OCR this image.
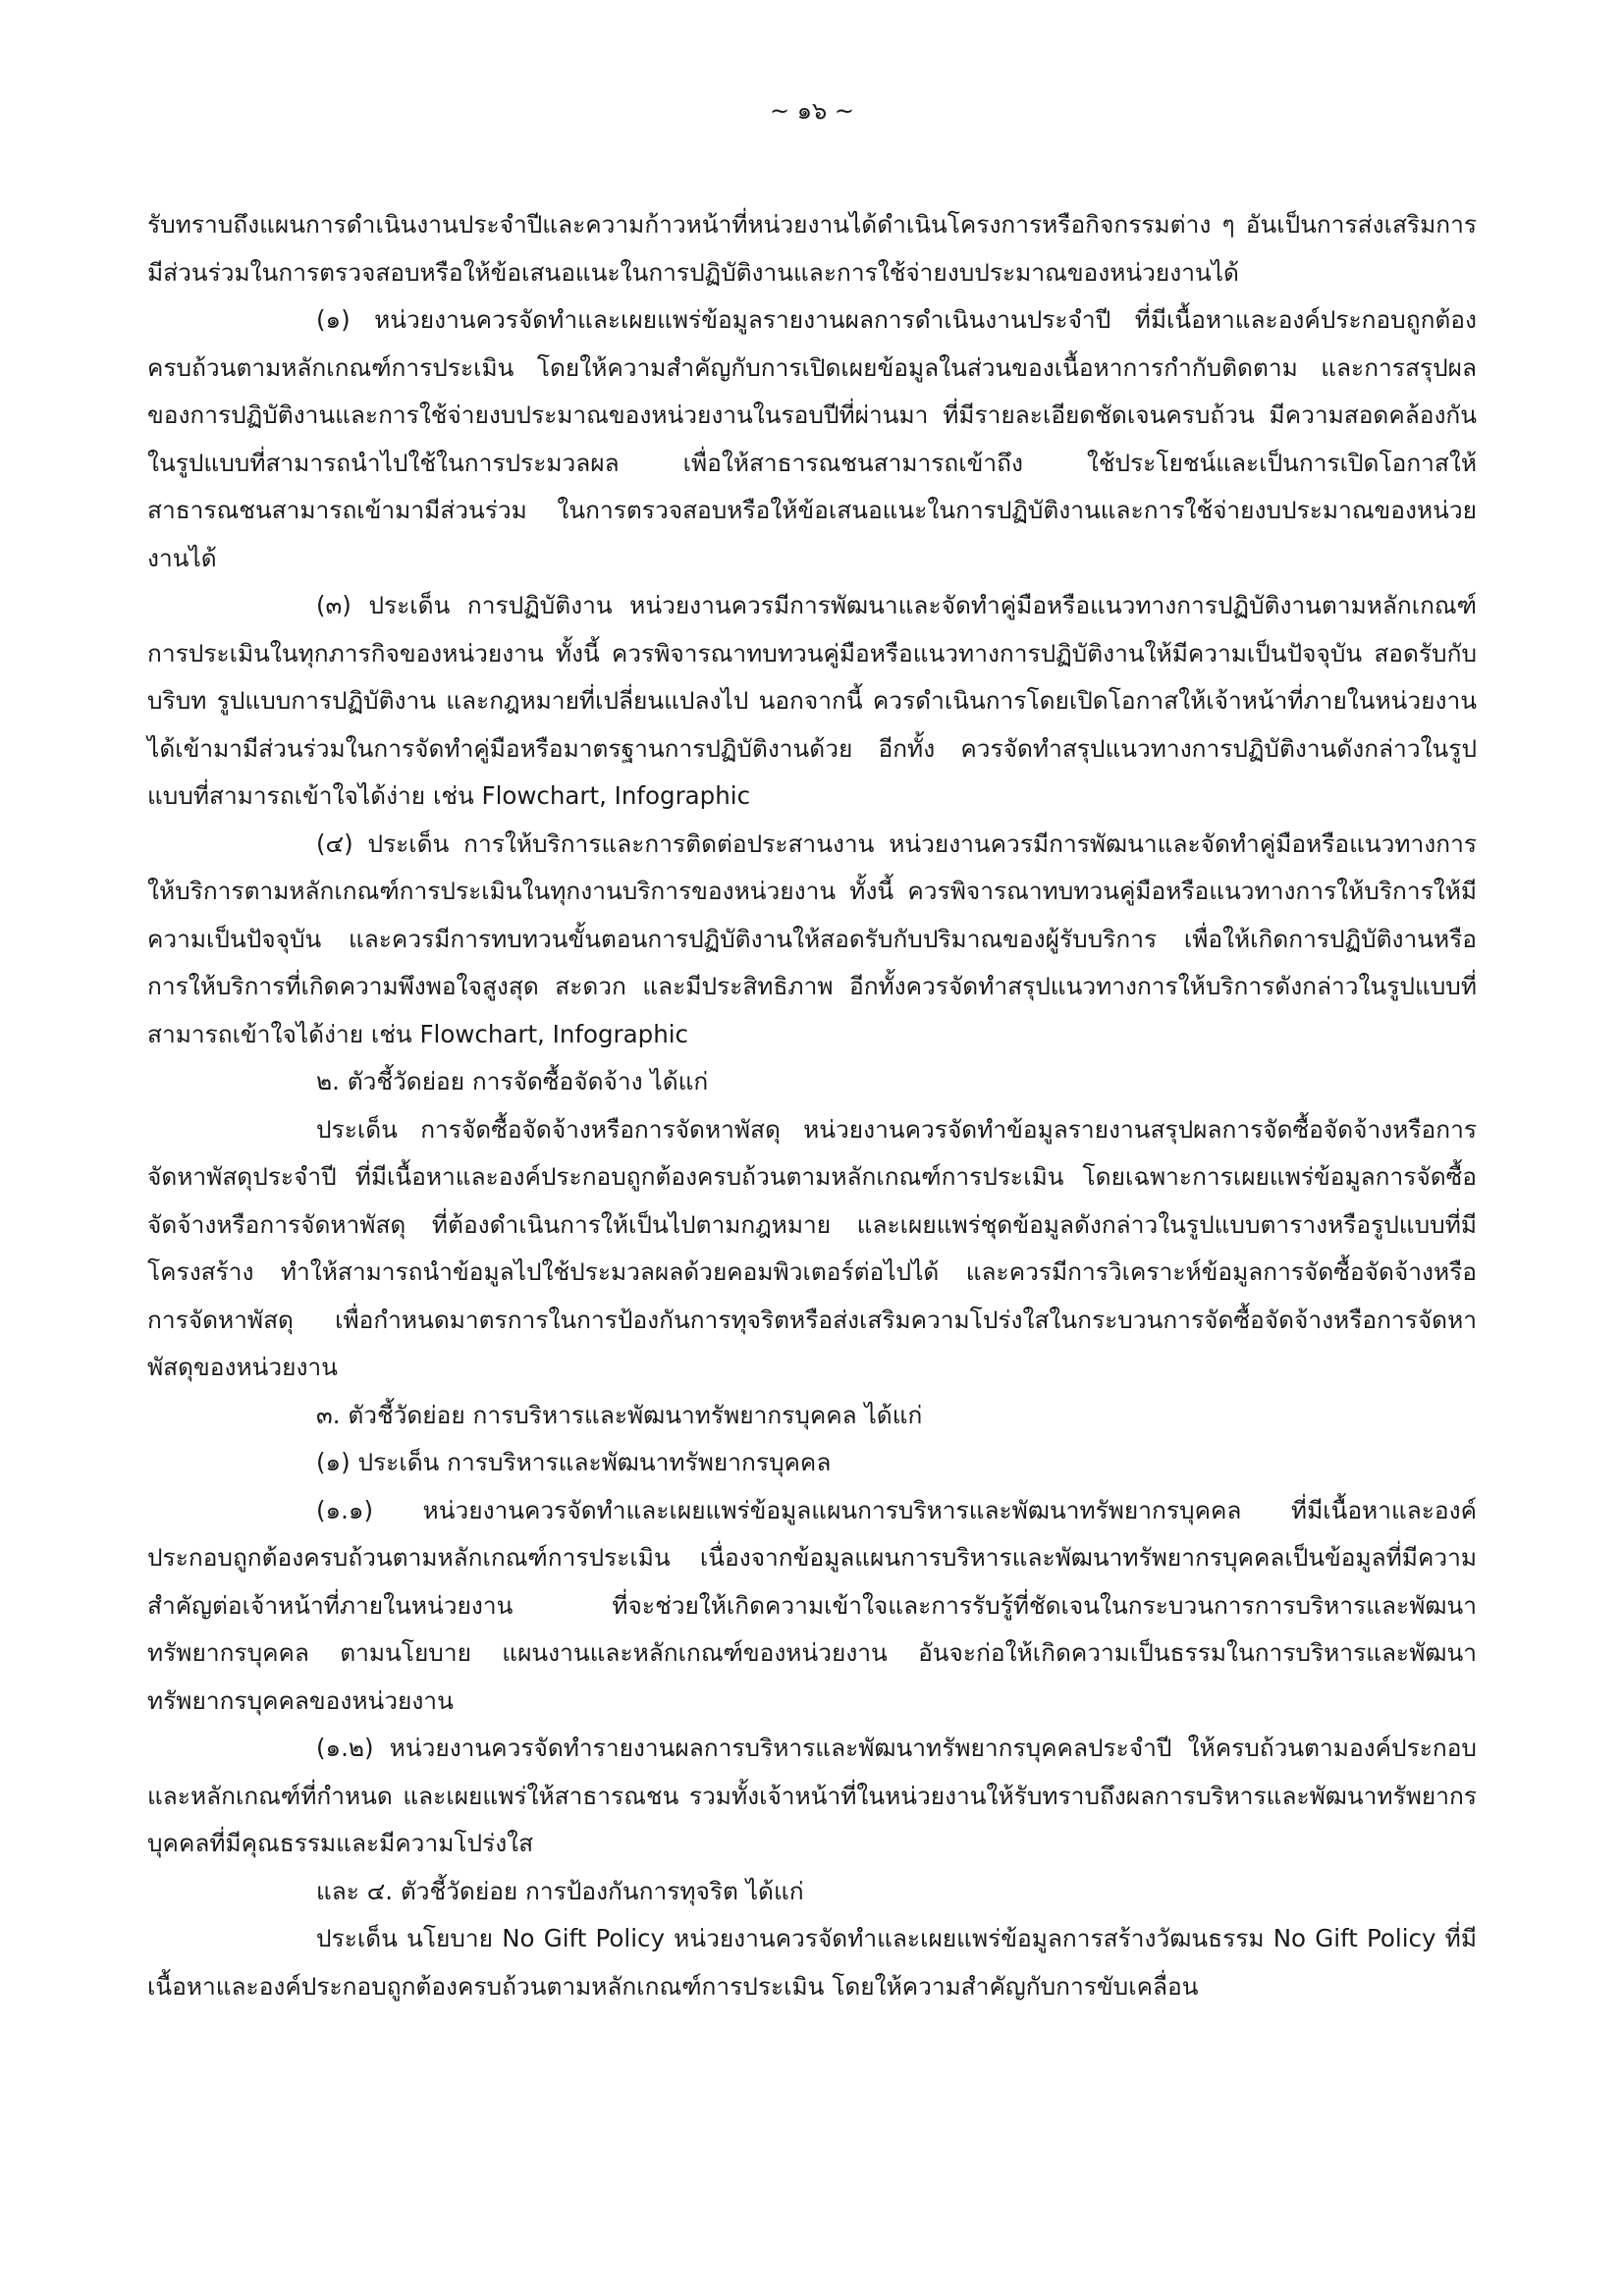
~ ๑๖ ~

รับทราบถึงแผนการดำเนินงานประจำปีและความก้าวหน้าที่หน่วยงานได้ดำเนินโครงการหรือกิจกรรมต่าง ๆ อันเป็นการส่งเสริมการมีส่วนร่วมในการตรวจสอบหรือให้ข้อเสนอแนะในการปฏิบัติงานและการใช้จ่ายงบประมาณของหน่วยงานได้

(๑) หน่วยงานควรจัดทำและเผยแพร่ข้อมูลรายงานผลการดำเนินงานประจำปี ที่มีเนื้อหาและองค์ประกอบถูกต้องครบถ้วนตามหลักเกณฑ์การประเมิน โดยให้ความสำคัญกับการเปิดเผยข้อมูลในส่วนของเนื้อหาการกำกับติดตาม และการสรุปผลของการปฏิบัติงานและการใช้จ่ายงบประมาณของหน่วยงานในรอบปีที่ผ่านมา ที่มีรายละเอียดชัดเจนครบถ้วน มีความสอดคล้องกัน ในรูปแบบที่สามารถนำไปใช้ในการประมวลผล เพื่อให้สาธารณชนสามารถเข้าถึง ใช้ประโยชน์และเป็นการเปิดโอกาสให้สาธารณชนสามารถเข้ามามีส่วนร่วม ในการตรวจสอบหรือให้ข้อเสนอแนะในการปฏิบัติงานและการใช้จ่ายงบประมาณของหน่วยงานได้

(๓) ประเด็น การปฏิบัติงาน หน่วยงานควรมีการพัฒนาและจัดทำคู่มือหรือแนวทางการปฏิบัติงานตามหลักเกณฑ์การประเมินในทุกภารกิจของหน่วยงาน ทั้งนี้ ควรพิจารณาทบทวนคู่มือหรือแนวทางการปฏิบัติงานให้มีความเป็นปัจจุบัน สอดรับกับบริบท รูปแบบการปฏิบัติงาน และกฎหมายที่เปลี่ยนแปลงไป นอกจากนี้ ควรดำเนินการโดยเปิดโอกาสให้เจ้าหน้าที่ภายในหน่วยงาน ได้เข้ามามีส่วนร่วมในการจัดทำคู่มือหรือมาตรฐานการปฏิบัติงานด้วย อีกทั้ง ควรจัดทำสรุปแนวทางการปฏิบัติงานดังกล่าวในรูปแบบที่สามารถเข้าใจได้ง่าย เช่น Flowchart, Infographic

(๔) ประเด็น การให้บริการและการติดต่อประสานงาน หน่วยงานควรมีการพัฒนาและจัดทำคู่มือหรือแนวทางการให้บริการตามหลักเกณฑ์การประเมินในทุกงานบริการของหน่วยงาน ทั้งนี้ ควรพิจารณาทบทวนคู่มือหรือแนวทางการให้บริการให้มีความเป็นปัจจุบัน และควรมีการทบทวนขั้นตอนการปฏิบัติงานให้สอดรับกับปริมาณของผู้รับบริการ เพื่อให้เกิดการปฏิบัติงานหรือการให้บริการที่เกิดความพึงพอใจสูงสุด สะดวก และมีประสิทธิภาพ อีกทั้งควรจัดทำสรุปแนวทางการให้บริการดังกล่าวในรูปแบบที่สามารถเข้าใจได้ง่าย เช่น Flowchart, Infographic

๒. ตัวชี้วัดย่อย การจัดซื้อจัดจ้าง ได้แก่

ประเด็น การจัดซื้อจัดจ้างหรือการจัดหาพัสดุ หน่วยงานควรจัดทำข้อมูลรายงานสรุปผลการจัดซื้อจัดจ้างหรือการจัดหาพัสดุประจำปี ที่มีเนื้อหาและองค์ประกอบถูกต้องครบถ้วนตามหลักเกณฑ์การประเมิน โดยเฉพาะการเผยแพร่ข้อมูลการจัดซื้อจัดจ้างหรือการจัดหาพัสดุ ที่ต้องดำเนินการให้เป็นไปตามกฎหมาย และเผยแพร่ชุดข้อมูลดังกล่าวในรูปแบบตารางหรือรูปแบบที่มีโครงสร้าง ทำให้สามารถนำข้อมูลไปใช้ประมวลผลด้วยคอมพิวเตอร์ต่อไปได้ และควรมีการวิเคราะห์ข้อมูลการจัดซื้อจัดจ้างหรือการจัดหาพัสดุ เพื่อกำหนดมาตรการในการป้องกันการทุจริตหรือส่งเสริมความโปร่งใสในกระบวนการจัดซื้อจัดจ้างหรือการจัดหาพัสดุของหน่วยงาน

๓. ตัวชี้วัดย่อย การบริหารและพัฒนาทรัพยากรบุคคล ได้แก่

(๑) ประเด็น การบริหารและพัฒนาทรัพยากรบุคคล

(๑.๑) หน่วยงานควรจัดทำและเผยแพร่ข้อมูลแผนการบริหารและพัฒนาทรัพยากรบุคคล ที่มีเนื้อหาและองค์ประกอบถูกต้องครบถ้วนตามหลักเกณฑ์การประเมิน เนื่องจากข้อมูลแผนการบริหารและพัฒนาทรัพยากรบุคคลเป็นข้อมูลที่มีความสำคัญต่อเจ้าหน้าที่ภายในหน่วยงาน ที่จะช่วยให้เกิดความเข้าใจและการรับรู้ที่ชัดเจนในกระบวนการการบริหารและพัฒนาทรัพยากรบุคคล ตามนโยบาย แผนงานและหลักเกณฑ์ของหน่วยงาน อันจะก่อให้เกิดความเป็นธรรมในการบริหารและพัฒนาทรัพยากรบุคคลของหน่วยงาน

(๑.๒) หน่วยงานควรจัดทำรายงานผลการบริหารและพัฒนาทรัพยากรบุคคลประจำปี ให้ครบถ้วนตามองค์ประกอบและหลักเกณฑ์ที่กำหนด และเผยแพร่ให้สาธารณชน รวมทั้งเจ้าหน้าที่ในหน่วยงานให้รับทราบถึงผลการบริหารและพัฒนาทรัพยากรบุคคลที่มีคุณธรรมและมีความโปร่งใส

และ ๔. ตัวชี้วัดย่อย การป้องกันการทุจริต ได้แก่

ประเด็น นโยบาย No Gift Policy หน่วยงานควรจัดทำและเผยแพร่ข้อมูลการสร้างวัฒนธรรม No Gift Policy ที่มีเนื้อหาและองค์ประกอบถูกต้องครบถ้วนตามหลักเกณฑ์การประเมิน โดยให้ความสำคัญกับการขับเคลื่อน
